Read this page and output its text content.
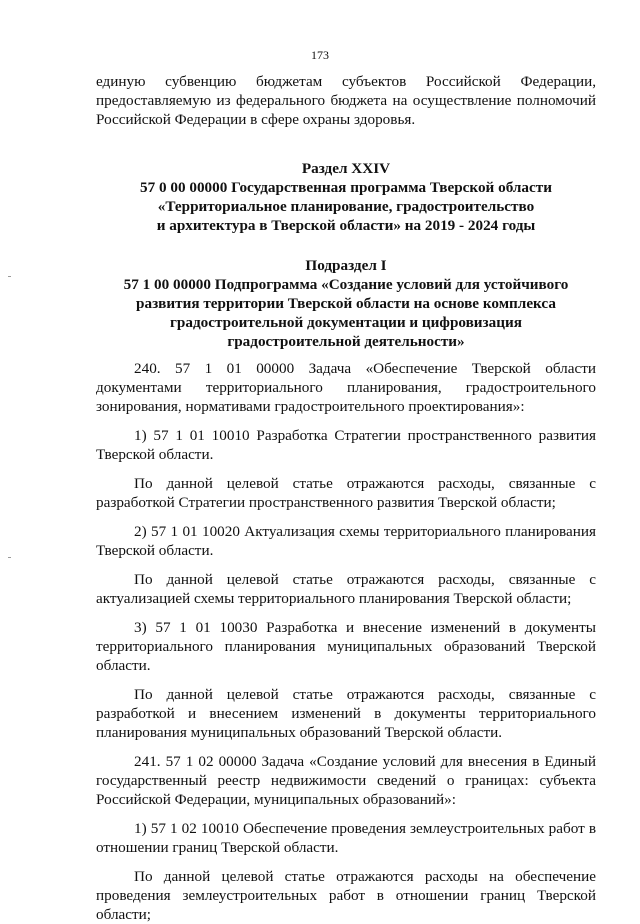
173

единую субвенцию бюджетам субъектов Российской Федерации, предоставляемую из федерального бюджета на осуществление полномочий Российской Федерации в сфере охраны здоровья.

Раздел XXIV
57 0 00 00000 Государственная программа Тверской области
«Территориальное планирование, градостроительство
и архитектура в Тверской области» на 2019 - 2024 годы
Подраздел I
57 1 00 00000 Подпрограмма «Создание условий для устойчивого
развития территории Тверской области на основе комплекса
градостроительной документации и цифровизация
градостроительной деятельности»

240. 57 1 01 00000 Задача «Обеспечение Тверской области документами территориального планирования, градостроительного зонирования, нормативами градостроительного проектирования»:

1) 57 1 01 10010 Разработка Стратегии пространственного развития Тверской области.

По данной целевой статье отражаются расходы, связанные с разработкой Стратегии пространственного развития Тверской области;

2) 57 1 01 10020 Актуализация схемы территориального планирования Тверской области.

По данной целевой статье отражаются расходы, связанные с актуализацией схемы территориального планирования Тверской области;

3) 57 1 01 10030 Разработка и внесение изменений в документы территориального планирования муниципальных образований Тверской области.

По данной целевой статье отражаются расходы, связанные с разработкой и внесением изменений в документы территориального планирования муниципальных образований Тверской области.

241. 57 1 02 00000 Задача «Создание условий для внесения в Единый государственный реестр недвижимости сведений о границах: субъекта Российской Федерации, муниципальных образований»:

1) 57 1 02 10010 Обеспечение проведения землеустроительных работ в отношении границ Тверской области.

По данной целевой статье отражаются расходы на обеспечение проведения землеустроительных работ в отношении границ Тверской области;
